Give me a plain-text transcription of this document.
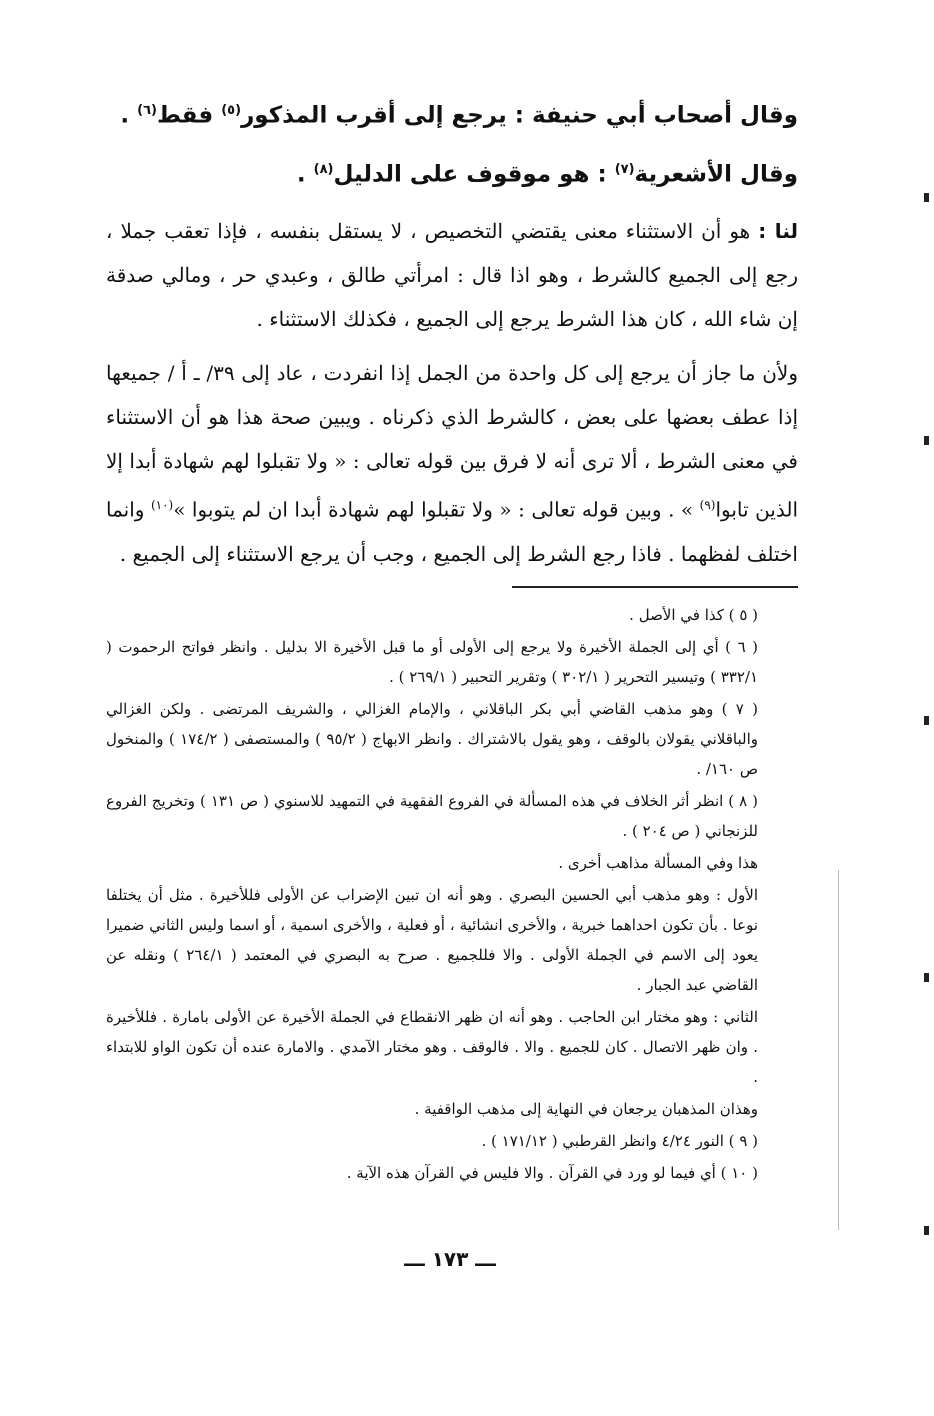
وقال أصحاب أبي حنيفة : يرجع إلى أقرب المذكور$^{(٥)}$ فقط$^{(٦)}$ .

وقال الأشعرية$^{(٧)}$ : هو موقوف على الدليل$^{(٨)}$ .

لنا : هو أن الاستثناء معنى يقتضي التخصيص ، لا يستقل بنفسه ، فإذا تعقب جملا ، رجع إلى الجميع كالشرط ، وهو اذا قال : امرأتي طالق ، وعبدي حر ، ومالي صدقة إن شاء الله ، كان هذا الشرط يرجع إلى الجميع ، فكذلك الاستثناء .

ولأن ما جاز أن يرجع إلى كل واحدة من الجمل إذا انفردت ، عاد إلى ٣٩/ ـ أ / جميعها إذا عطف بعضها على بعض ، كالشرط الذي ذكرناه . ويبين صحة هذا هو أن الاستثناء في معنى الشرط ، ألا ترى أنه لا فرق بين قوله تعالى : « ولا تقبلوا لهم شهادة أبدا إلا الذين تابوا$^{(٩)}$ » . وبين قوله تعالى : « ولا تقبلوا لهم شهادة أبدا ان لم يتوبوا »$^{(١٠)}$ وانما اختلف لفظهما . فاذا رجع الشرط إلى الجميع ، وجب أن يرجع الاستثناء إلى الجميع .

( ٥ ) كذا في الأصل .

( ٦ ) أي إلى الجملة الأخيرة ولا يرجع إلى الأولى أو ما قبل الأخيرة الا بدليل . وانظر فواتح الرحموت ( ٣٣٢/١ ) وتيسير التحرير ( ٣٠٢/١ ) وتقرير التحبير ( ٢٦٩/١ ) .

( ٧ ) وهو مذهب القاضي أبي بكر الباقلاني ، والإمام الغزالي ، والشريف المرتضى . ولكن الغزالي والباقلاني يقولان بالوقف ، وهو يقول بالاشتراك . وانظر الابهاج ( ٩٥/٢ ) والمستصفى ( ١٧٤/٢ ) والمنخول ص ١٦٠/ .

( ٨ ) انظر أثر الخلاف في هذه المسألة في الفروع الفقهية في التمهيد للاسنوي ( ص ١٣١ ) وتخريج الفروع للزنجاني ( ص ٢٠٤ ) .

هذا وفي المسألة مذاهب أخرى .

الأول : وهو مذهب أبي الحسين البصري . وهو أنه ان تبين الإضراب عن الأولى فللأخيرة . مثل أن يختلفا نوعا . بأن تكون احداهما خبرية ، والأخرى انشائية ، أو فعلية ، والأخرى اسمية ، أو اسما وليس الثاني ضميرا يعود إلى الاسم في الجملة الأولى . والا فللجميع . صرح به البصري في المعتمد ( ٢٦٤/١ ) ونقله عن القاضي عبد الجبار .

الثاني : وهو مختار ابن الحاجب . وهو أنه ان ظهر الانقطاع في الجملة الأخيرة عن الأولى بامارة . فللأخيرة . وان ظهر الاتصال . كان للجميع . والا . فالوقف . وهو مختار الآمدي . والامارة عنده أن تكون الواو للابتداء .

وهذان المذهبان يرجعان في النهاية إلى مذهب الواقفية .

( ٩ ) النور ٤/٢٤ وانظر القرطبي ( ١٧١/١٢ ) .

( ١٠ ) أي فيما لو ورد في القرآن . والا فليس في القرآن هذه الآية .

ـــ ١٧٣ ـــ
